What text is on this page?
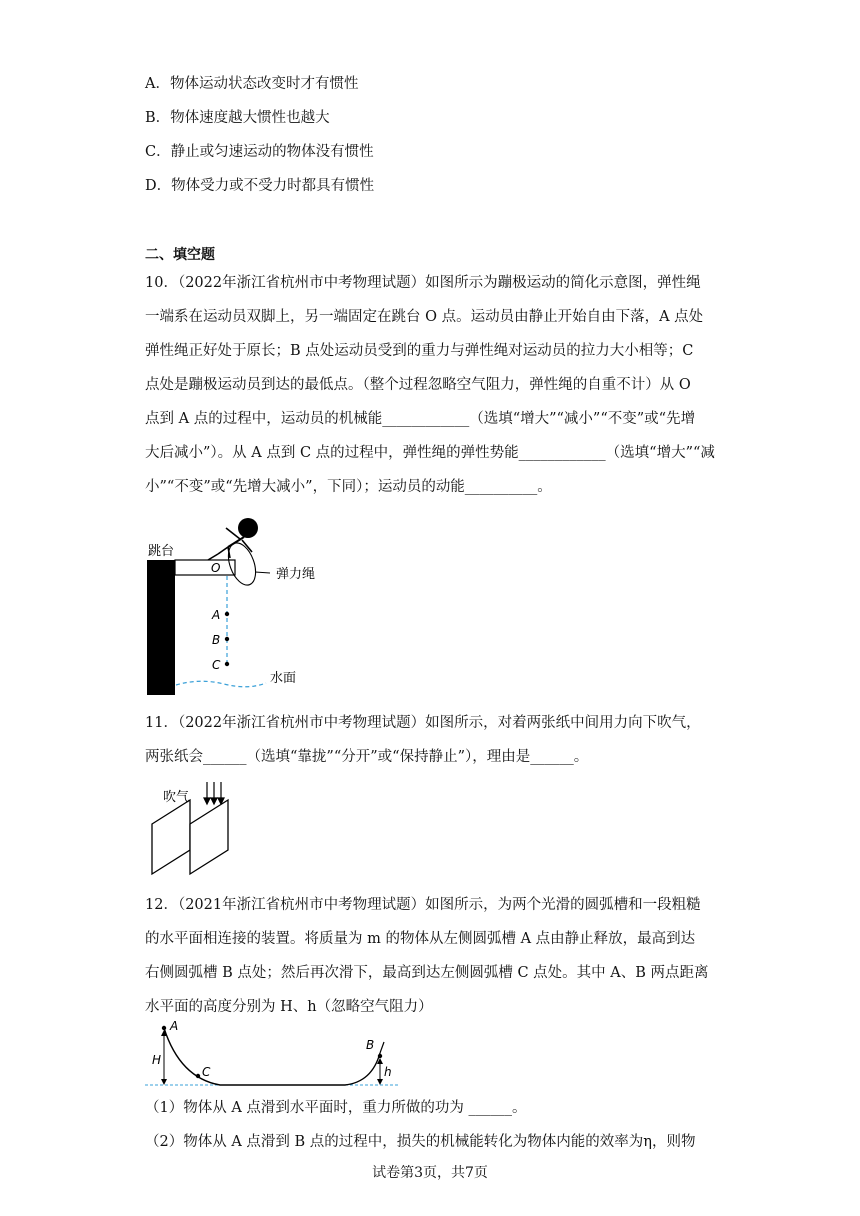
A．物体运动状态改变时才有惯性
B．物体速度越大惯性也越大
C．静止或匀速运动的物体没有惯性
D．物体受力或不受力时都具有惯性
二、填空题
10．（2022年浙江省杭州市中考物理试题）如图所示为蹦极运动的简化示意图，弹性绳
一端系在运动员双脚上，另一端固定在跳台 O 点。运动员由静止开始自由下落，A 点处
弹性绳正好处于原长；B 点处运动员受到的重力与弹性绳对运动员的拉力大小相等；C
点处是蹦极运动员到达的最低点。（整个过程忽略空气阻力，弹性绳的自重不计）从 O
点到 A 点的过程中，运动员的机械能____________（选填“增大”“减小”“不变”或“先增
大后减小”）。从 A 点到 C 点的过程中，弹性绳的弹性势能____________（选填“增大”“减
小”“不变”或“先增大减小”，下同）；运动员的动能__________。
跳台
O	弹力绳
A
B
C
水面
11．（2022年浙江省杭州市中考物理试题）如图所示，对着两张纸中间用力向下吹气，
两张纸会______（选填“靠拢”“分开”或“保持静止”），理由是______。
吹气
12．（2021年浙江省杭州市中考物理试题）如图所示，为两个光滑的圆弧槽和一段粗糙
的水平面相连接的装置。将质量为 m 的物体从左侧圆弧槽 A 点由静止释放，最高到达
右侧圆弧槽 B 点处；然后再次滑下，最高到达左侧圆弧槽 C 点处。其中 A、B 两点距离
水平面的高度分别为 H、h（忽略空气阻力）
A
B
C
H
h
（1）物体从 A 点滑到水平面时，重力所做的功为 ______。
（2）物体从 A 点滑到 B 点的过程中，损失的机械能转化为物体内能的效率为η，则物
试卷第3页，共7页
